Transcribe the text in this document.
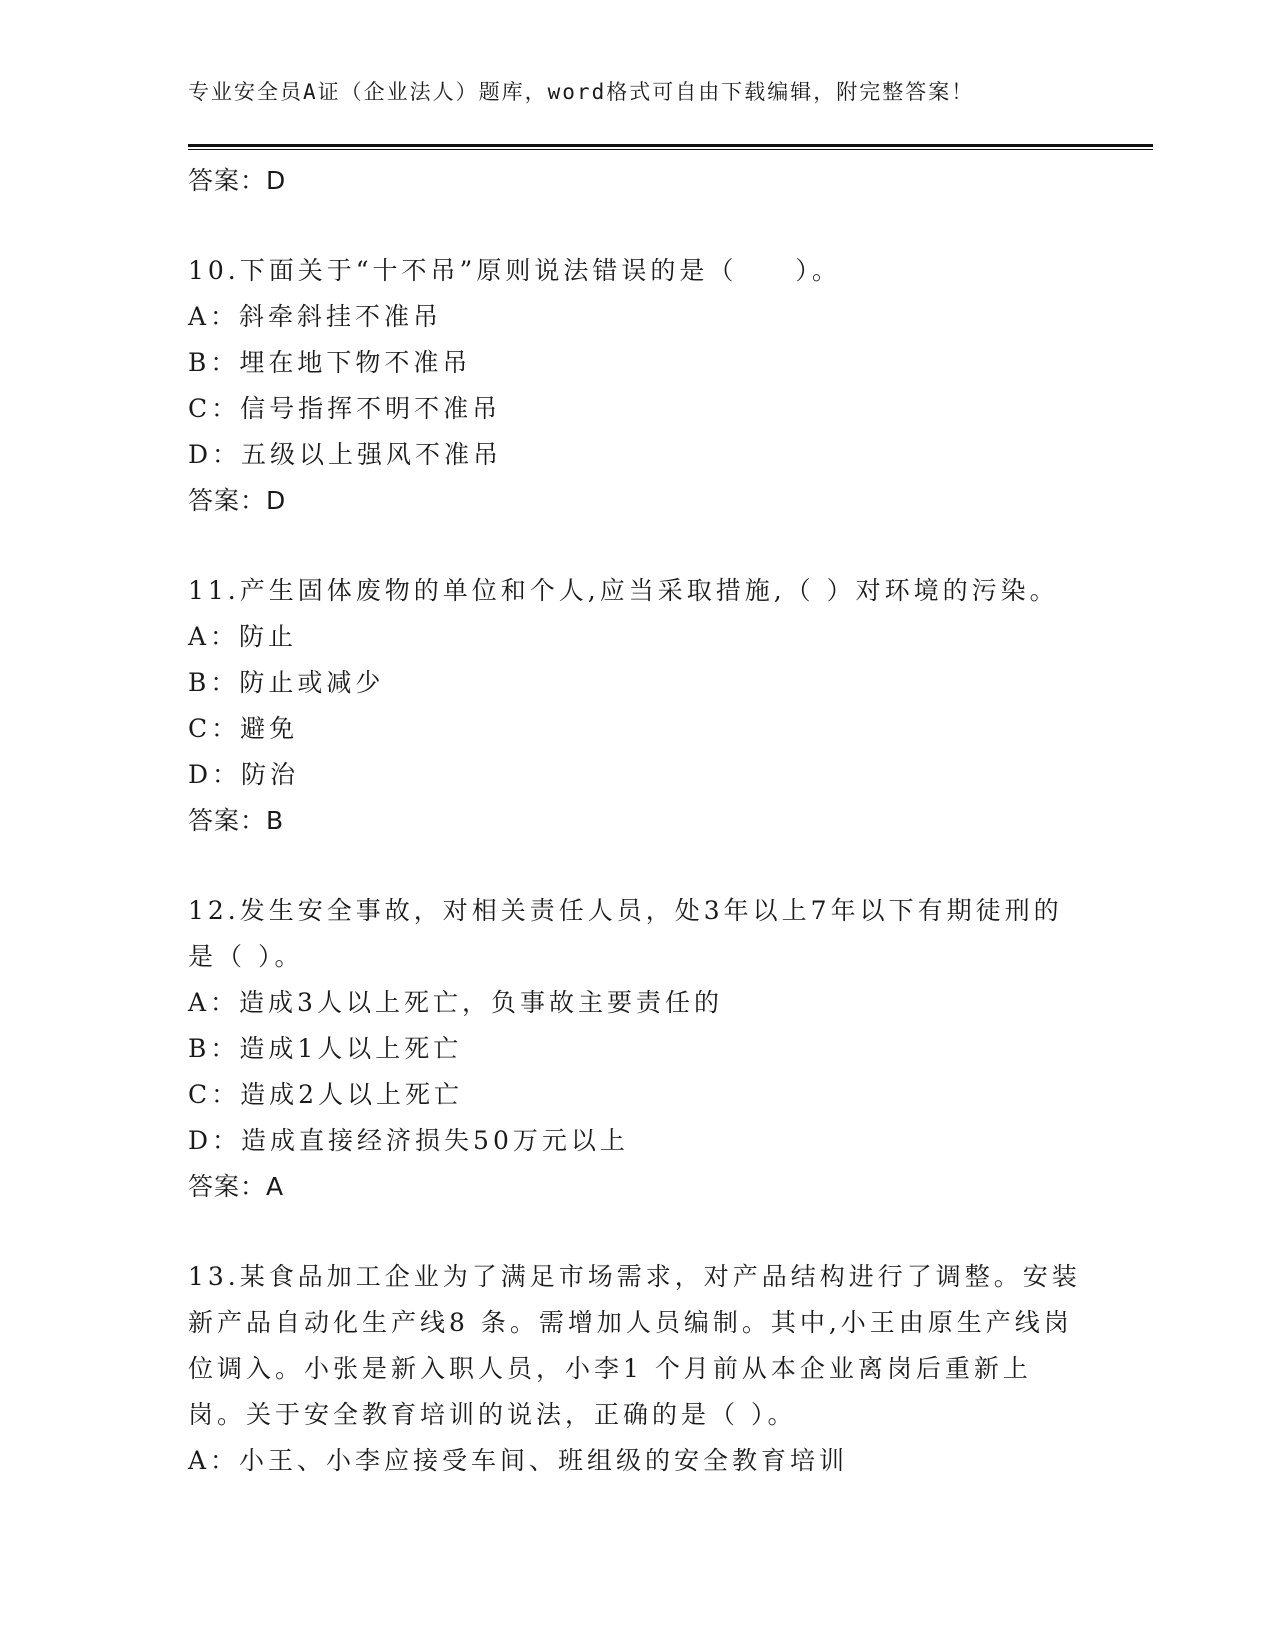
专业安全员A证（企业法人）题库，word格式可自由下载编辑，附完整答案！
答案：D
10.下面关于“十不吊”原则说法错误的是（　　）。
A：斜牵斜挂不准吊
B：埋在地下物不准吊
C：信号指挥不明不准吊
D：五级以上强风不准吊
答案：D
11.产生固体废物的单位和个人,应当采取措施,（ ）对环境的污染。
A：防止
B：防止或减少
C：避免
D：防治
答案：B
12.发生安全事故，对相关责任人员，处3年以上7年以下有期徒刑的是（ ）。
A：造成3人以上死亡，负事故主要责任的
B：造成1人以上死亡
C：造成2人以上死亡
D：造成直接经济损失50万元以上
答案：A
13.某食品加工企业为了满足市场需求，对产品结构进行了调整。安装新产品自动化生产线8 条。需增加人员编制。其中,小王由原生产线岗位调入。小张是新入职人员，小李1 个月前从本企业离岗后重新上岗。关于安全教育培训的说法，正确的是（ ）。
A：小王、小李应接受车间、班组级的安全教育培训
